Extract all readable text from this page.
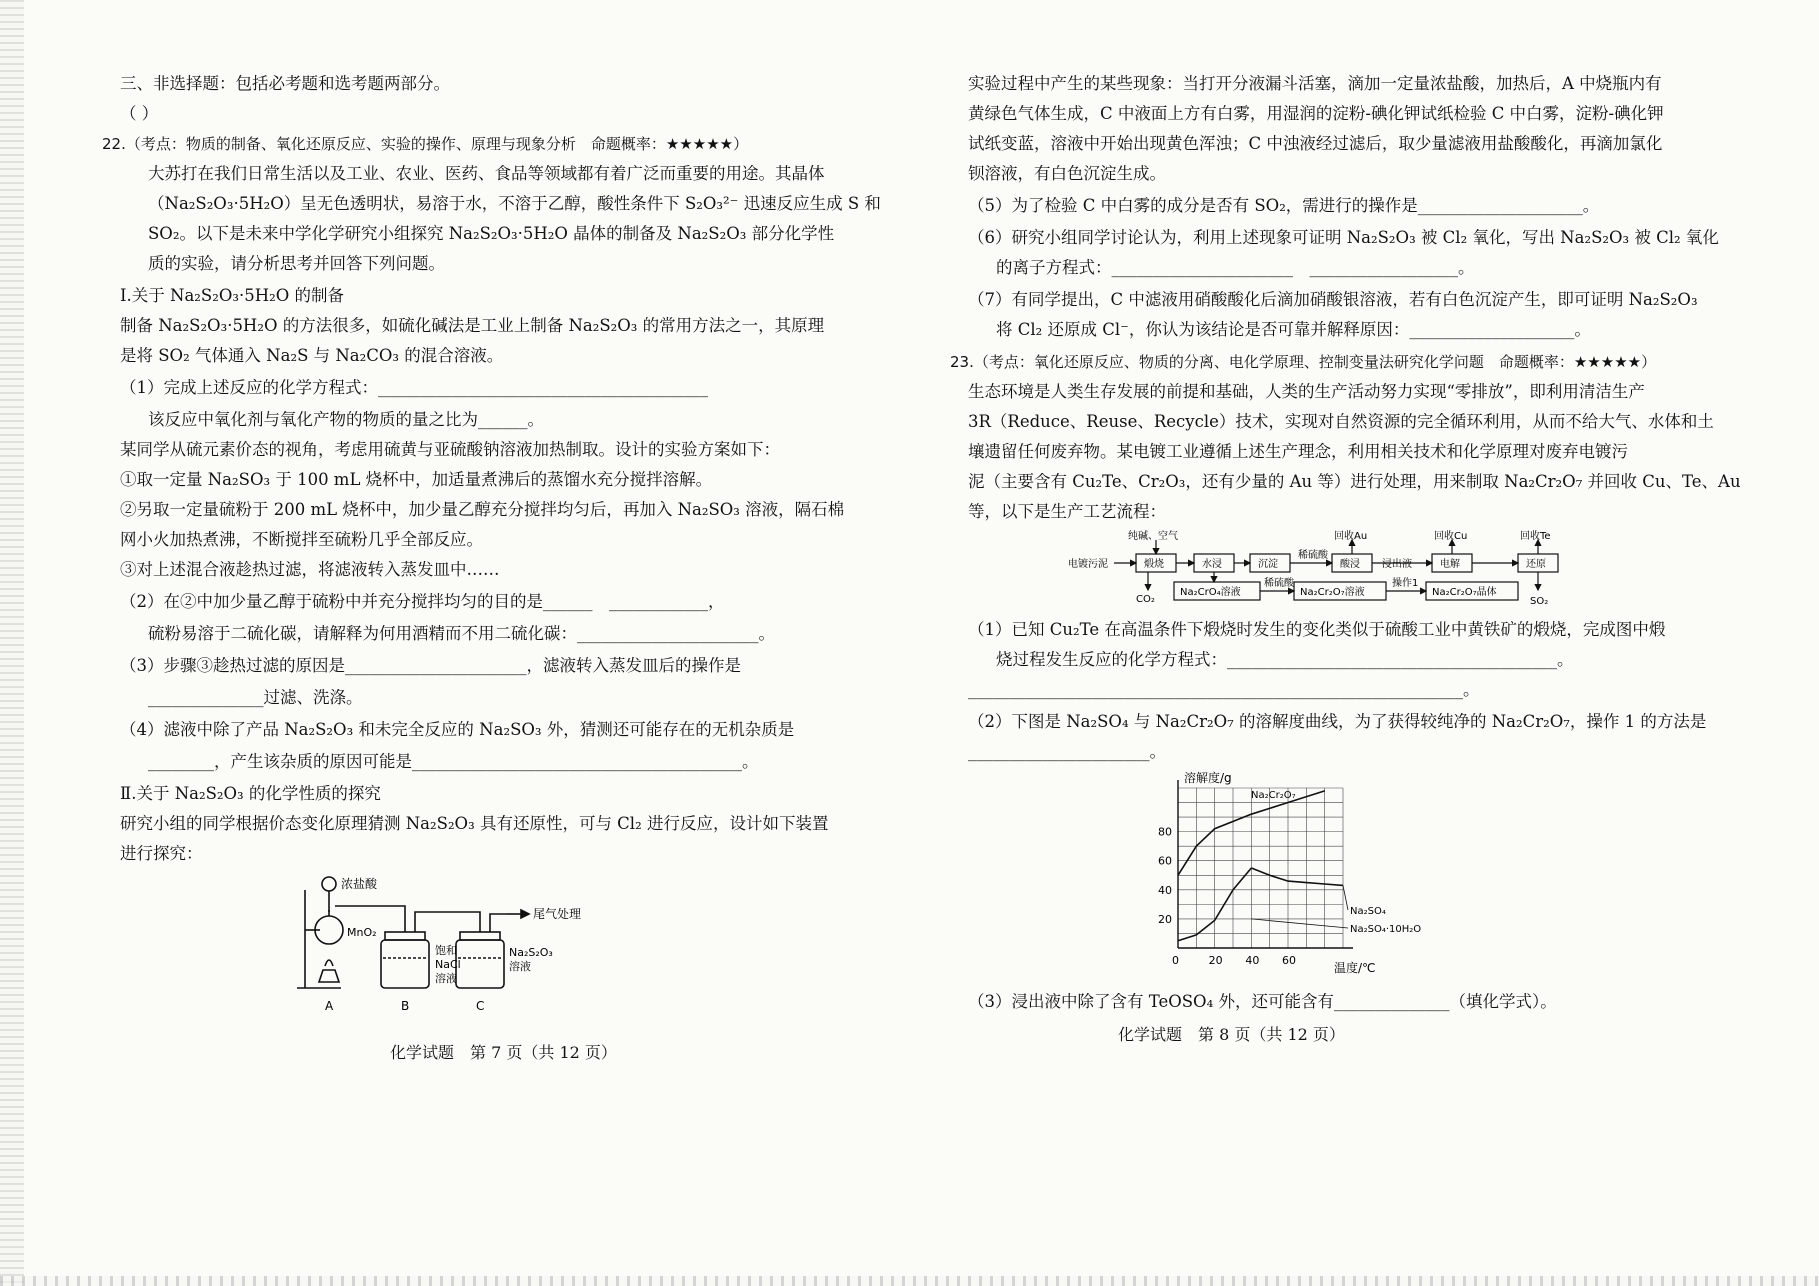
三、非选择题：包括必考题和选考题两部分。
（ ）
22.（考点：物质的制备、氧化还原反应、实验的操作、原理与现象分析　命题概率：★★★★★）
大苏打在我们日常生活以及工业、农业、医药、食品等领域都有着广泛而重要的用途。其晶体
（Na₂S₂O₃·5H₂O）呈无色透明状，易溶于水，不溶于乙醇，酸性条件下 S₂O₃²⁻ 迅速反应生成 S 和
SO₂。以下是未来中学化学研究小组探究 Na₂S₂O₃·5H₂O 晶体的制备及 Na₂S₂O₃ 部分化学性
质的实验，请分析思考并回答下列问题。
Ⅰ.关于 Na₂S₂O₃·5H₂O 的制备
制备 Na₂S₂O₃·5H₂O 的方法很多，如硫化碱法是工业上制备 Na₂S₂O₃ 的常用方法之一，其原理
是将 SO₂ 气体通入 Na₂S 与 Na₂CO₃ 的混合溶液。
（1）完成上述反应的化学方程式：________________________________________
该反应中氧化剂与氧化产物的物质的量之比为______。
某同学从硫元素价态的视角，考虑用硫黄与亚硫酸钠溶液加热制取。设计的实验方案如下：
①取一定量 Na₂SO₃ 于 100 mL 烧杯中，加适量煮沸后的蒸馏水充分搅拌溶解。
②另取一定量硫粉于 200 mL 烧杯中，加少量乙醇充分搅拌均匀后，再加入 Na₂SO₃ 溶液，隔石棉
网小火加热煮沸，不断搅拌至硫粉几乎全部反应。
③对上述混合液趁热过滤，将滤液转入蒸发皿中……
（2）在②中加少量乙醇于硫粉中并充分搅拌均匀的目的是______　____________，
硫粉易溶于二硫化碳，请解释为何用酒精而不用二硫化碳：______________________。
（3）步骤③趁热过滤的原因是______________________，滤液转入蒸发皿后的操作是
______________过滤、洗涤。
（4）滤液中除了产品 Na₂S₂O₃ 和未完全反应的 Na₂SO₃ 外，猜测还可能存在的无机杂质是
________，产生该杂质的原因可能是________________________________________。
Ⅱ.关于 Na₂S₂O₃ 的化学性质的探究
研究小组的同学根据价态变化原理猜测 Na₂S₂O₃ 具有还原性，可与 Cl₂ 进行反应，设计如下装置
进行探究：
浓盐酸
MnO₂
尾气处理
饱和
NaCl
溶液
Na₂S₂O₃
溶液
A	B	C
化学试题　第 7 页（共 12 页）
实验过程中产生的某些现象：当打开分液漏斗活塞，滴加一定量浓盐酸，加热后，A 中烧瓶内有
黄绿色气体生成，C 中液面上方有白雾，用湿润的淀粉-碘化钾试纸检验 C 中白雾，淀粉-碘化钾
试纸变蓝，溶液中开始出现黄色浑浊；C 中浊液经过滤后，取少量滤液用盐酸酸化，再滴加氯化
钡溶液，有白色沉淀生成。
（5）为了检验 C 中白雾的成分是否有 SO₂，需进行的操作是____________________。
（6）研究小组同学讨论认为，利用上述现象可证明 Na₂S₂O₃ 被 Cl₂ 氧化，写出 Na₂S₂O₃ 被 Cl₂ 氧化
的离子方程式：______________________　__________________。
（7）有同学提出，C 中滤液用硝酸酸化后滴加硝酸银溶液，若有白色沉淀产生，即可证明 Na₂S₂O₃
将 Cl₂ 还原成 Cl⁻，你认为该结论是否可靠并解释原因：____________________。
23.（考点：氧化还原反应、物质的分离、电化学原理、控制变量法研究化学问题　命题概率：★★★★★）
生态环境是人类生存发展的前提和基础，人类的生产活动努力实现“零排放”，即利用清洁生产
3R（Reduce、Reuse、Recycle）技术，实现对自然资源的完全循环利用，从而不给大气、水体和土
壤遗留任何废弃物。某电镀工业遵循上述生产理念，利用相关技术和化学原理对废弃电镀污
泥（主要含有 Cu₂Te、Cr₂O₃，还有少量的 Au 等）进行处理，用来制取 Na₂Cr₂O₇ 并回收 Cu、Te、Au
等，以下是生产工艺流程：
纯碱、空气	回收Au	回收Cu	回收Te
电镀污泥	煅烧	水浸	沉淀
稀硫酸
酸浸 浸出液	电解	还原
CO₂
Na₂CrO₄溶液
稀硫酸
Na₂Cr₂O₇溶液
操作1
Na₂Cr₂O₇晶体
SO₂
（1）已知 Cu₂Te 在高温条件下煅烧时发生的变化类似于硫酸工业中黄铁矿的煅烧，完成图中煅
烧过程发生反应的化学方程式：________________________________________。
____________________________________________________________。
（2）下图是 Na₂SO₄ 与 Na₂Cr₂O₇ 的溶解度曲线，为了获得较纯净的 Na₂Cr₂O₇，操作 1 的方法是
______________________。
0	20 40 60
20
40
60
80
溶解度/g
温度/℃
Na₂Cr₂O₇
Na₂SO₄
Na₂SO₄·10H₂O
（3）浸出液中除了含有 TeOSO₄ 外，还可能含有______________（填化学式）。
化学试题　第 8 页（共 12 页）
